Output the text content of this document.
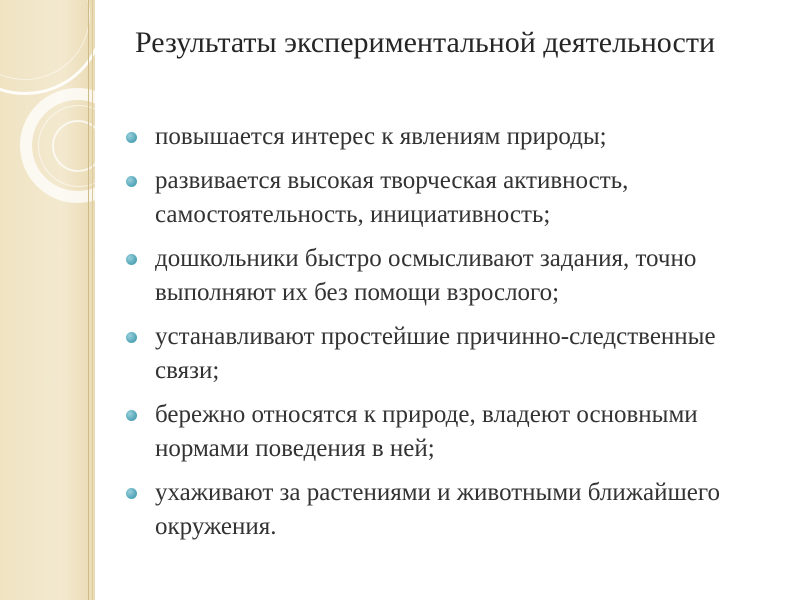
Результаты экспериментальной деятельности
повышается интерес к явлениям природы;
развивается высокая творческая активность, самостоятельность, инициативность;
дошкольники быстро осмысливают задания, точно выполняют их без помощи взрослого;
устанавливают простейшие причинно-следственные связи;
бережно относятся к природе, владеют основными нормами поведения в ней;
ухаживают за растениями и животными ближайшего окружения.
